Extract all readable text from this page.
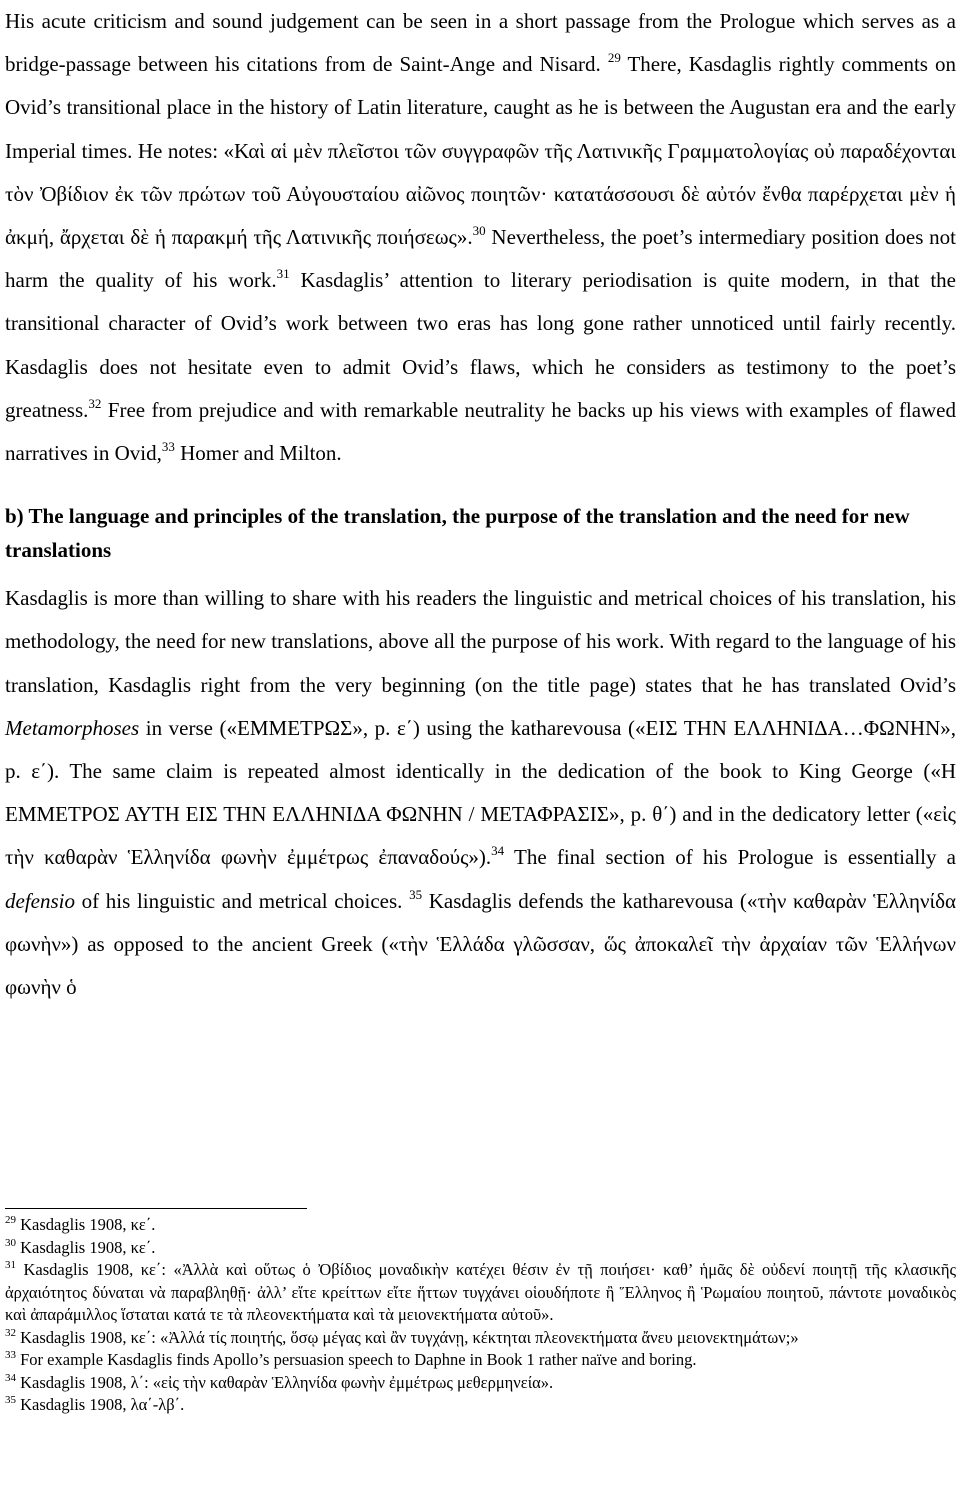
His acute criticism and sound judgement can be seen in a short passage from the Prologue which serves as a bridge-passage between his citations from de Saint-Ange and Nisard. $^{29}$ There, Kasdaglis rightly comments on Ovid’s transitional place in the history of Latin literature, caught as he is between the Augustan era and the early Imperial times. He notes: «Καὶ αἱ μὲν πλεῖστοι τῶν συγγραφῶν τῆς Λατινικῆς Γραμματολογίας οὐ παραδέχονται τὸν Ὀβίδιον ἐκ τῶν πρώτων τοῦ Αὐγουσταίου αἰῶνος ποιητῶν· κατατάσσουσι δὲ αὐτόν ἔνθα παρέρχεται μὲν ἡ ἀκμή, ἄρχεται δὲ ἡ παρακμή τῆς Λατινικῆς ποιήσεως».$^{30}$ Nevertheless, the poet’s intermediary position does not harm the quality of his work.$^{31}$ Kasdaglis’ attention to literary periodisation is quite modern, in that the transitional character of Ovid’s work between two eras has long gone rather unnoticed until fairly recently. Kasdaglis does not hesitate even to admit Ovid’s flaws, which he considers as testimony to the poet’s greatness.$^{32}$ Free from prejudice and with remarkable neutrality he backs up his views with examples of flawed narratives in Ovid,$^{33}$ Homer and Milton.

b) The language and principles of the translation, the purpose of the translation and the need for new translations

Kasdaglis is more than willing to share with his readers the linguistic and metrical choices of his translation, his methodology, the need for new translations, above all the purpose of his work. With regard to the language of his translation, Kasdaglis right from the very beginning (on the title page) states that he has translated Ovid’s Metamorphoses in verse («ΕΜΜΕΤΡΩΣ», p. ε΄) using the katharevousa («ΕΙΣ ΤΗΝ ΕΛΛΗΝΙΔΑ…ΦΩΝΗΝ», p. ε΄). The same claim is repeated almost identically in the dedication of the book to King George («Η ΕΜΜΕΤΡΟΣ ΑΥΤΗ ΕΙΣ ΤΗΝ ΕΛΛΗΝΙΔΑ ΦΩΝΗΝ / ΜΕΤΑΦΡΑΣΙΣ», p. θ΄) and in the dedicatory letter («εἰς τὴν καθαρὰν Ἑλληνίδα φωνὴν ἐμμέτρως ἐπαναδούς»).$^{34}$ The final section of his Prologue is essentially a defensio of his linguistic and metrical choices. $^{35}$ Kasdaglis defends the katharevousa («τὴν καθαρὰν Ἑλληνίδα φωνὴν») as opposed to the ancient Greek («τὴν Ἑλλάδα γλῶσσαν, ὥς ἀποκαλεῖ τὴν ἀρχαίαν τῶν Ἑλλήνων φωνὴν ὁ

$^{29}$ Kasdaglis 1908, κε΄.

$^{30}$ Kasdaglis 1908, κε΄.

$^{31}$ Kasdaglis 1908, κε΄: «Ἀλλὰ καὶ οὕτως ὁ Ὀβίδιος μοναδικὴν κατέχει θέσιν ἐν τῇ ποιήσει· καθ’ ἡμᾶς δὲ οὐδενί ποιητῇ τῆς κλασικῆς ἀρχαιότητος δύναται νὰ παραβληθῇ· ἀλλ’ εἴτε κρείττων εἴτε ἥττων τυγχάνει οἱουδήποτε ἢ Ἕλληνος ἢ Ῥωμαίου ποιητοῦ, πάντοτε μοναδικὸς καὶ ἀπαράμιλλος ἵσταται κατά τε τὰ πλεονεκτήματα καὶ τὰ μειονεκτήματα αὐτοῦ».

$^{32}$ Kasdaglis 1908, κε΄: «Ἀλλά τίς ποιητής, ὅσῳ μέγας καὶ ἂν τυγχάνῃ, κέκτηται πλεονεκτήματα ἄνευ μειονεκτημάτων;»

$^{33}$ For example Kasdaglis finds Apollo’s persuasion speech to Daphne in Book 1 rather naïve and boring.

$^{34}$ Kasdaglis 1908, λ΄: «εἰς τὴν καθαρὰν Ἑλληνίδα φωνὴν ἐμμέτρως μεθερμηνεία».

$^{35}$ Kasdaglis 1908, λα΄-λβ΄.
